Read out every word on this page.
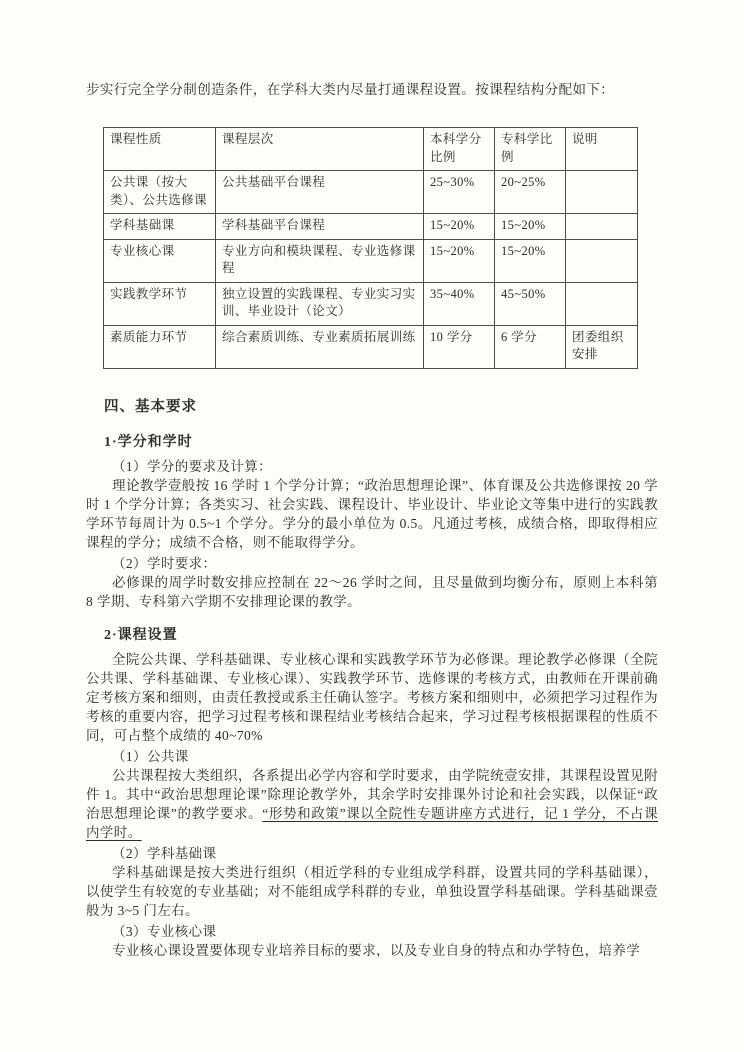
步实行完全学分制创造条件，在学科大类内尽量打通课程设置。按课程结构分配如下：

课程性质	课程层次	本科学分比例	专科学比例	说明
公共课（按大类）、公共选修课	公共基础平台课程	25~30%	20~25%	
学科基础课	学科基础平台课程	15~20%	15~20%	
专业核心课	专业方向和模块课程、专业选修课程	15~20%	15~20%	
实践教学环节	独立设置的实践课程、专业实习实训、毕业设计（论文）	35~40%	45~50%	
素质能力环节	综合素质训练、专业素质拓展训练	10 学分	6 学分	团委组织安排
四、基本要求
1·学分和学时

（1）学分的要求及计算：

理论教学壹般按 16 学时 1 个学分计算；“政治思想理论课”、体育课及公共选修课按 20 学时 1 个学分计算；各类实习、社会实践、课程设计、毕业设计、毕业论文等集中进行的实践教学环节每周计为 0.5~1 个学分。学分的最小单位为 0.5。凡通过考核，成绩合格，即取得相应课程的学分；成绩不合格，则不能取得学分。

（2）学时要求：

必修课的周学时数安排应控制在 22～26 学时之间，且尽量做到均衡分布，原则上本科第 8 学期、专科第六学期不安排理论课的教学。

2·课程设置

全院公共课、学科基础课、专业核心课和实践教学环节为必修课。理论教学必修课（全院公共课、学科基础课、专业核心课）、实践教学环节、选修课的考核方式，由教师在开课前确定考核方案和细则，由责任教授或系主任确认签字。考核方案和细则中，必须把学习过程作为考核的重要内容，把学习过程考核和课程结业考核结合起来，学习过程考核根据课程的性质不同，可占整个成绩的 40~70%

（1）公共课

公共课程按大类组织，各系提出必学内容和学时要求，由学院统壹安排，其课程设置见附件 1。其中“政治思想理论课”除理论教学外，其余学时安排课外讨论和社会实践，以保证“政治思想理论课”的教学要求。“形势和政策”课以全院性专题讲座方式进行，记 1 学分，不占课内学时。

（2）学科基础课

学科基础课是按大类进行组织（相近学科的专业组成学科群，设置共同的学科基础课），以使学生有较宽的专业基础；对不能组成学科群的专业，单独设置学科基础课。学科基础课壹般为 3~5 门左右。

（3）专业核心课

专业核心课设置要体现专业培养目标的要求，以及专业自身的特点和办学特色，培养学
